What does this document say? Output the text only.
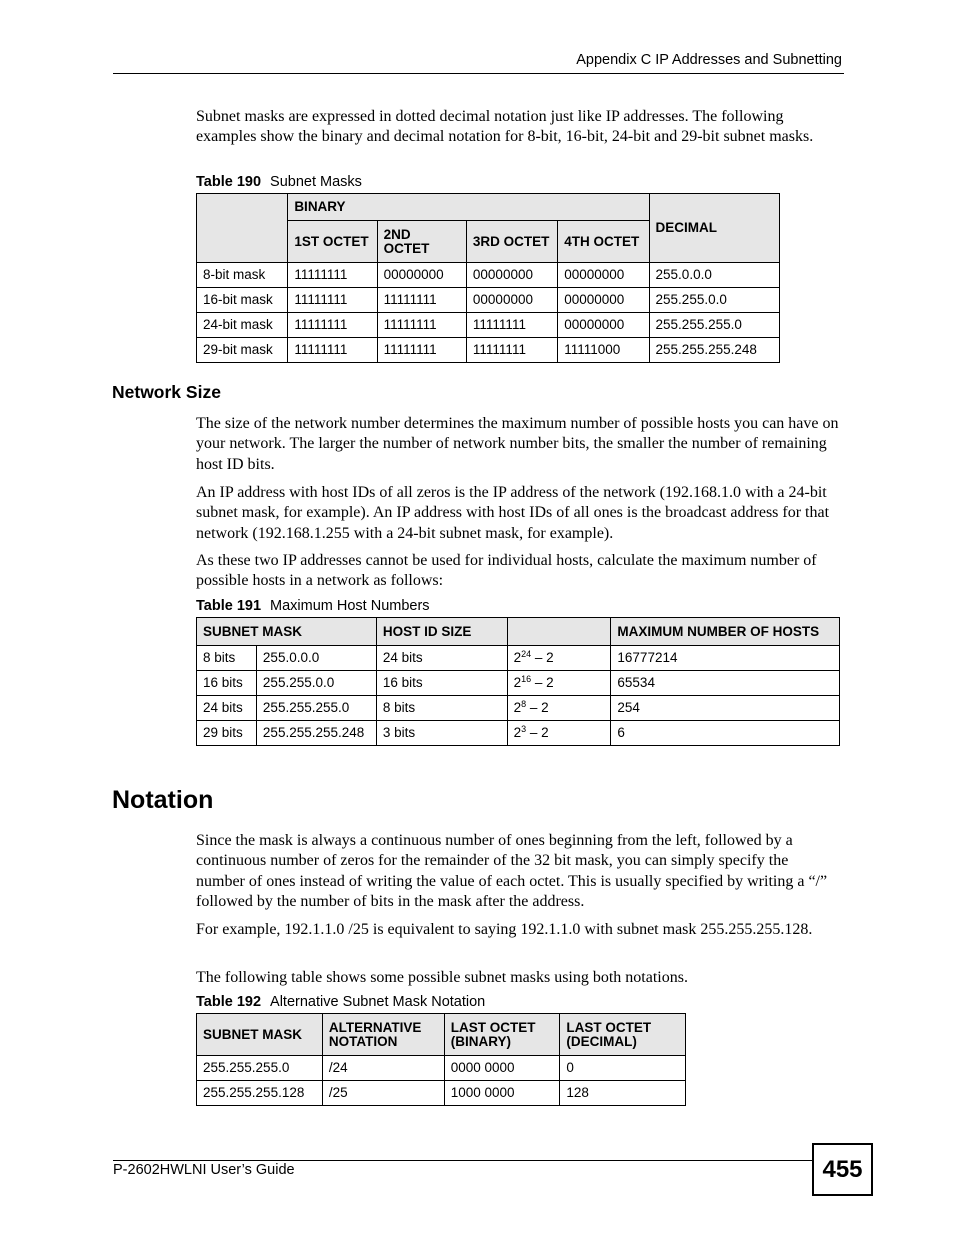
Appendix C IP Addresses and Subnetting

Subnet masks are expressed in dotted decimal notation just like IP addresses. The following examples show the binary and decimal notation for 8-bit, 16-bit, 24-bit and 29-bit subnet masks.

Table 190 Subnet Masks
	BINARY				DECIMAL
	1ST OCTET	2ND OCTET	3RD OCTET	4TH OCTET	
8-bit mask	11111111	00000000	00000000	00000000	255.0.0.0
16-bit mask	11111111	11111111	00000000	00000000	255.255.0.0
24-bit mask	11111111	11111111	11111111	00000000	255.255.255.0
29-bit mask	11111111	11111111	11111111	11111000	255.255.255.248
Network Size

The size of the network number determines the maximum number of possible hosts you can have on your network. The larger the number of network number bits, the smaller the number of remaining host ID bits.

An IP address with host IDs of all zeros is the IP address of the network (192.168.1.0 with a 24-bit subnet mask, for example). An IP address with host IDs of all ones is the broadcast address for that network (192.168.1.255 with a 24-bit subnet mask, for example).

As these two IP addresses cannot be used for individual hosts, calculate the maximum number of possible hosts in a network as follows:

Table 191 Maximum Host Numbers
SUBNET MASK		HOST ID SIZE		MAXIMUM NUMBER OF HOSTS
8 bits	255.0.0.0	24 bits	$2^{24} - 2$	16777214
16 bits	255.255.0.0	16 bits	$2^{16} - 2$	65534
24 bits	255.255.255.0	8 bits	$2^8 - 2$	254
29 bits	255.255.255.248	3 bits	$2^3 - 2$	6
Notation

Since the mask is always a continuous number of ones beginning from the left, followed by a continuous number of zeros for the remainder of the 32 bit mask, you can simply specify the number of ones instead of writing the value of each octet. This is usually specified by writing a “/” followed by the number of bits in the mask after the address.

For example, 192.1.1.0 /25 is equivalent to saying 192.1.1.0 with subnet mask 255.255.255.128.

The following table shows some possible subnet masks using both notations.

Table 192 Alternative Subnet Mask Notation
SUBNET MASK	ALTERNATIVE NOTATION	LAST OCTET (BINARY)	LAST OCTET (DECIMAL)
255.255.255.0	/24	0000 0000	0
255.255.255.128	/25	1000 0000	128
P-2602HWLNI User’s Guide	455
